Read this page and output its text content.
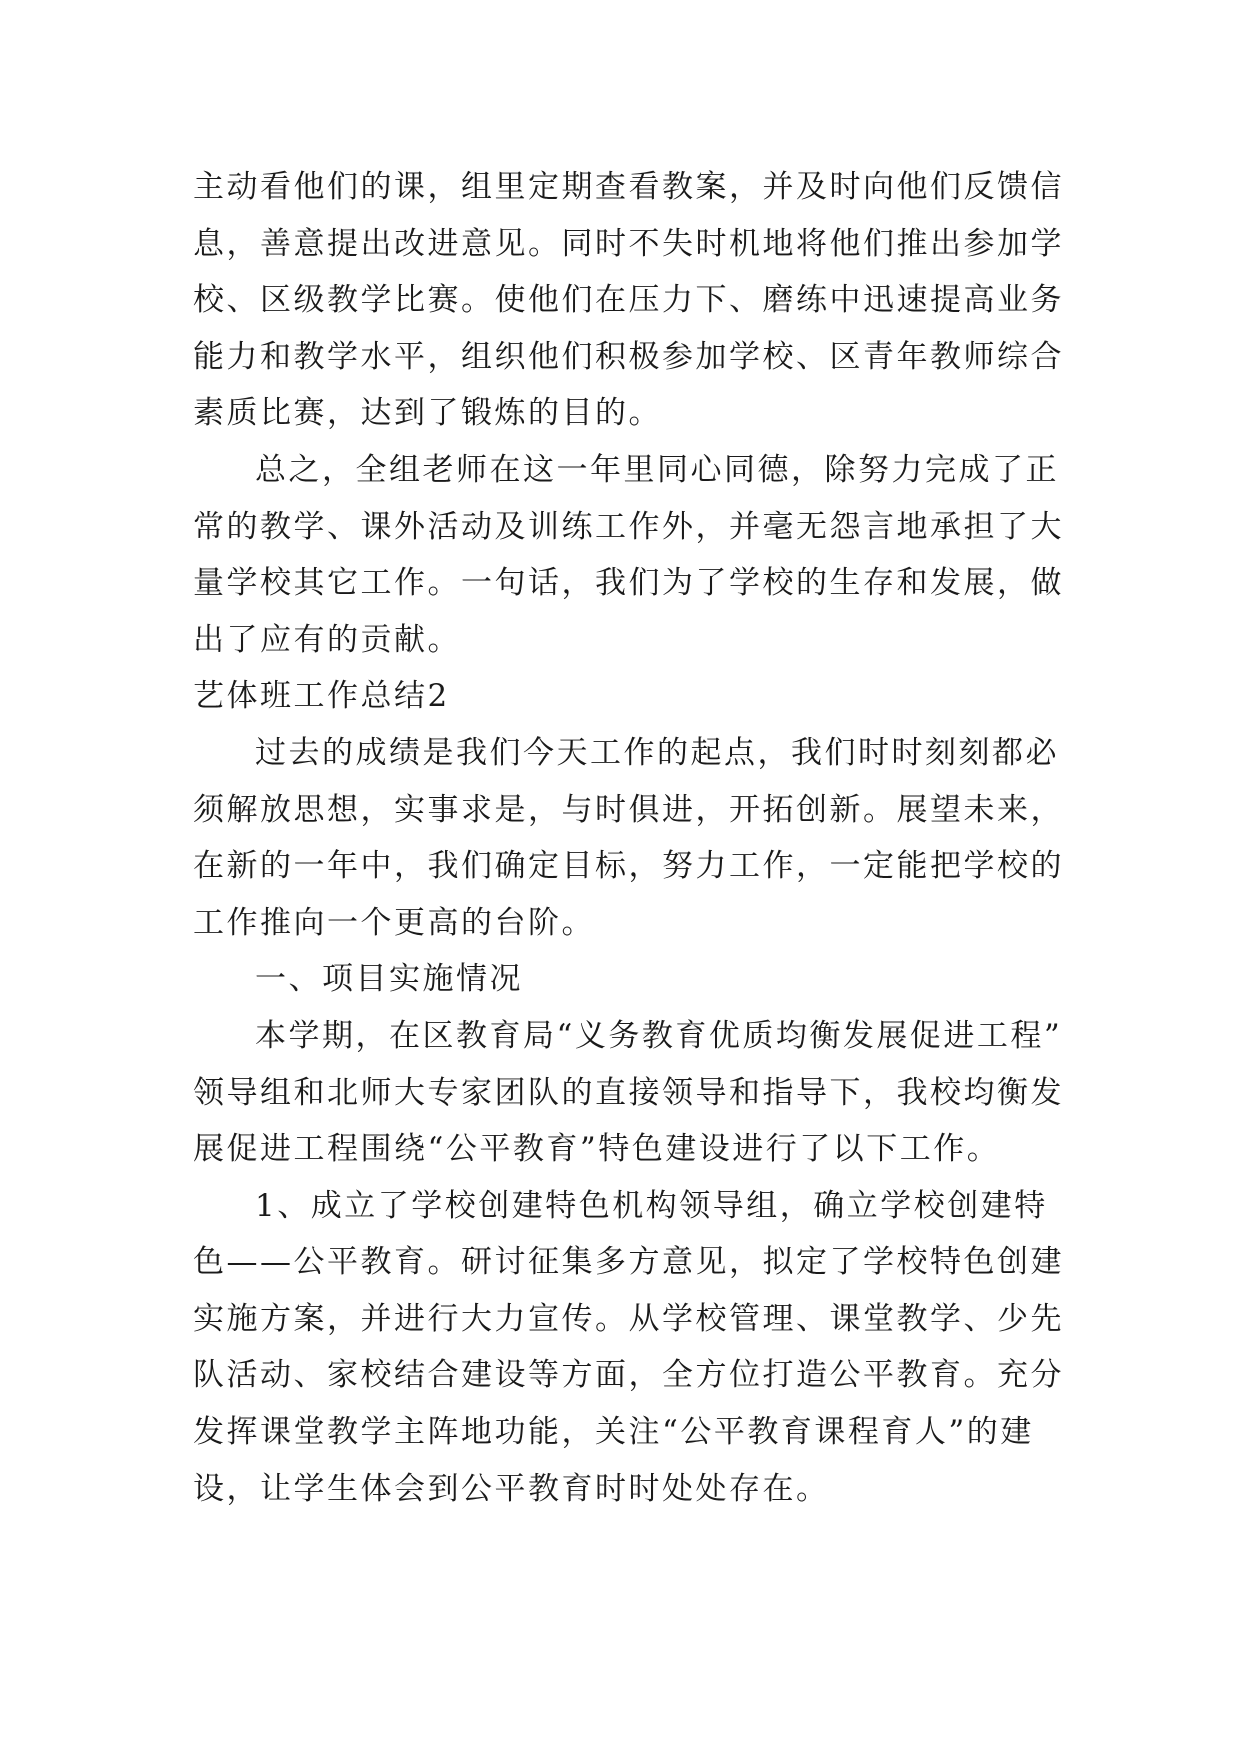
主动看他们的课，组里定期查看教案，并及时向他们反馈信
息，善意提出改进意见。同时不失时机地将他们推出参加学
校、区级教学比赛。使他们在压力下、磨练中迅速提高业务
能力和教学水平，组织他们积极参加学校、区青年教师综合
素质比赛，达到了锻炼的目的。
总之，全组老师在这一年里同心同德，除努力完成了正
常的教学、课外活动及训练工作外，并毫无怨言地承担了大
量学校其它工作。一句话，我们为了学校的生存和发展，做
出了应有的贡献。
艺体班工作总结2
过去的成绩是我们今天工作的起点，我们时时刻刻都必
须解放思想，实事求是，与时俱进，开拓创新。展望未来，
在新的一年中，我们确定目标，努力工作，一定能把学校的
工作推向一个更高的台阶。
一、项目实施情况
本学期，在区教育局“义务教育优质均衡发展促进工程”
领导组和北师大专家团队的直接领导和指导下，我校均衡发
展促进工程围绕“公平教育”特色建设进行了以下工作。
1、成立了学校创建特色机构领导组，确立学校创建特
色——公平教育。研讨征集多方意见，拟定了学校特色创建
实施方案，并进行大力宣传。从学校管理、课堂教学、少先
队活动、家校结合建设等方面，全方位打造公平教育。充分
发挥课堂教学主阵地功能，关注“公平教育课程育人”的建
设，让学生体会到公平教育时时处处存在。
